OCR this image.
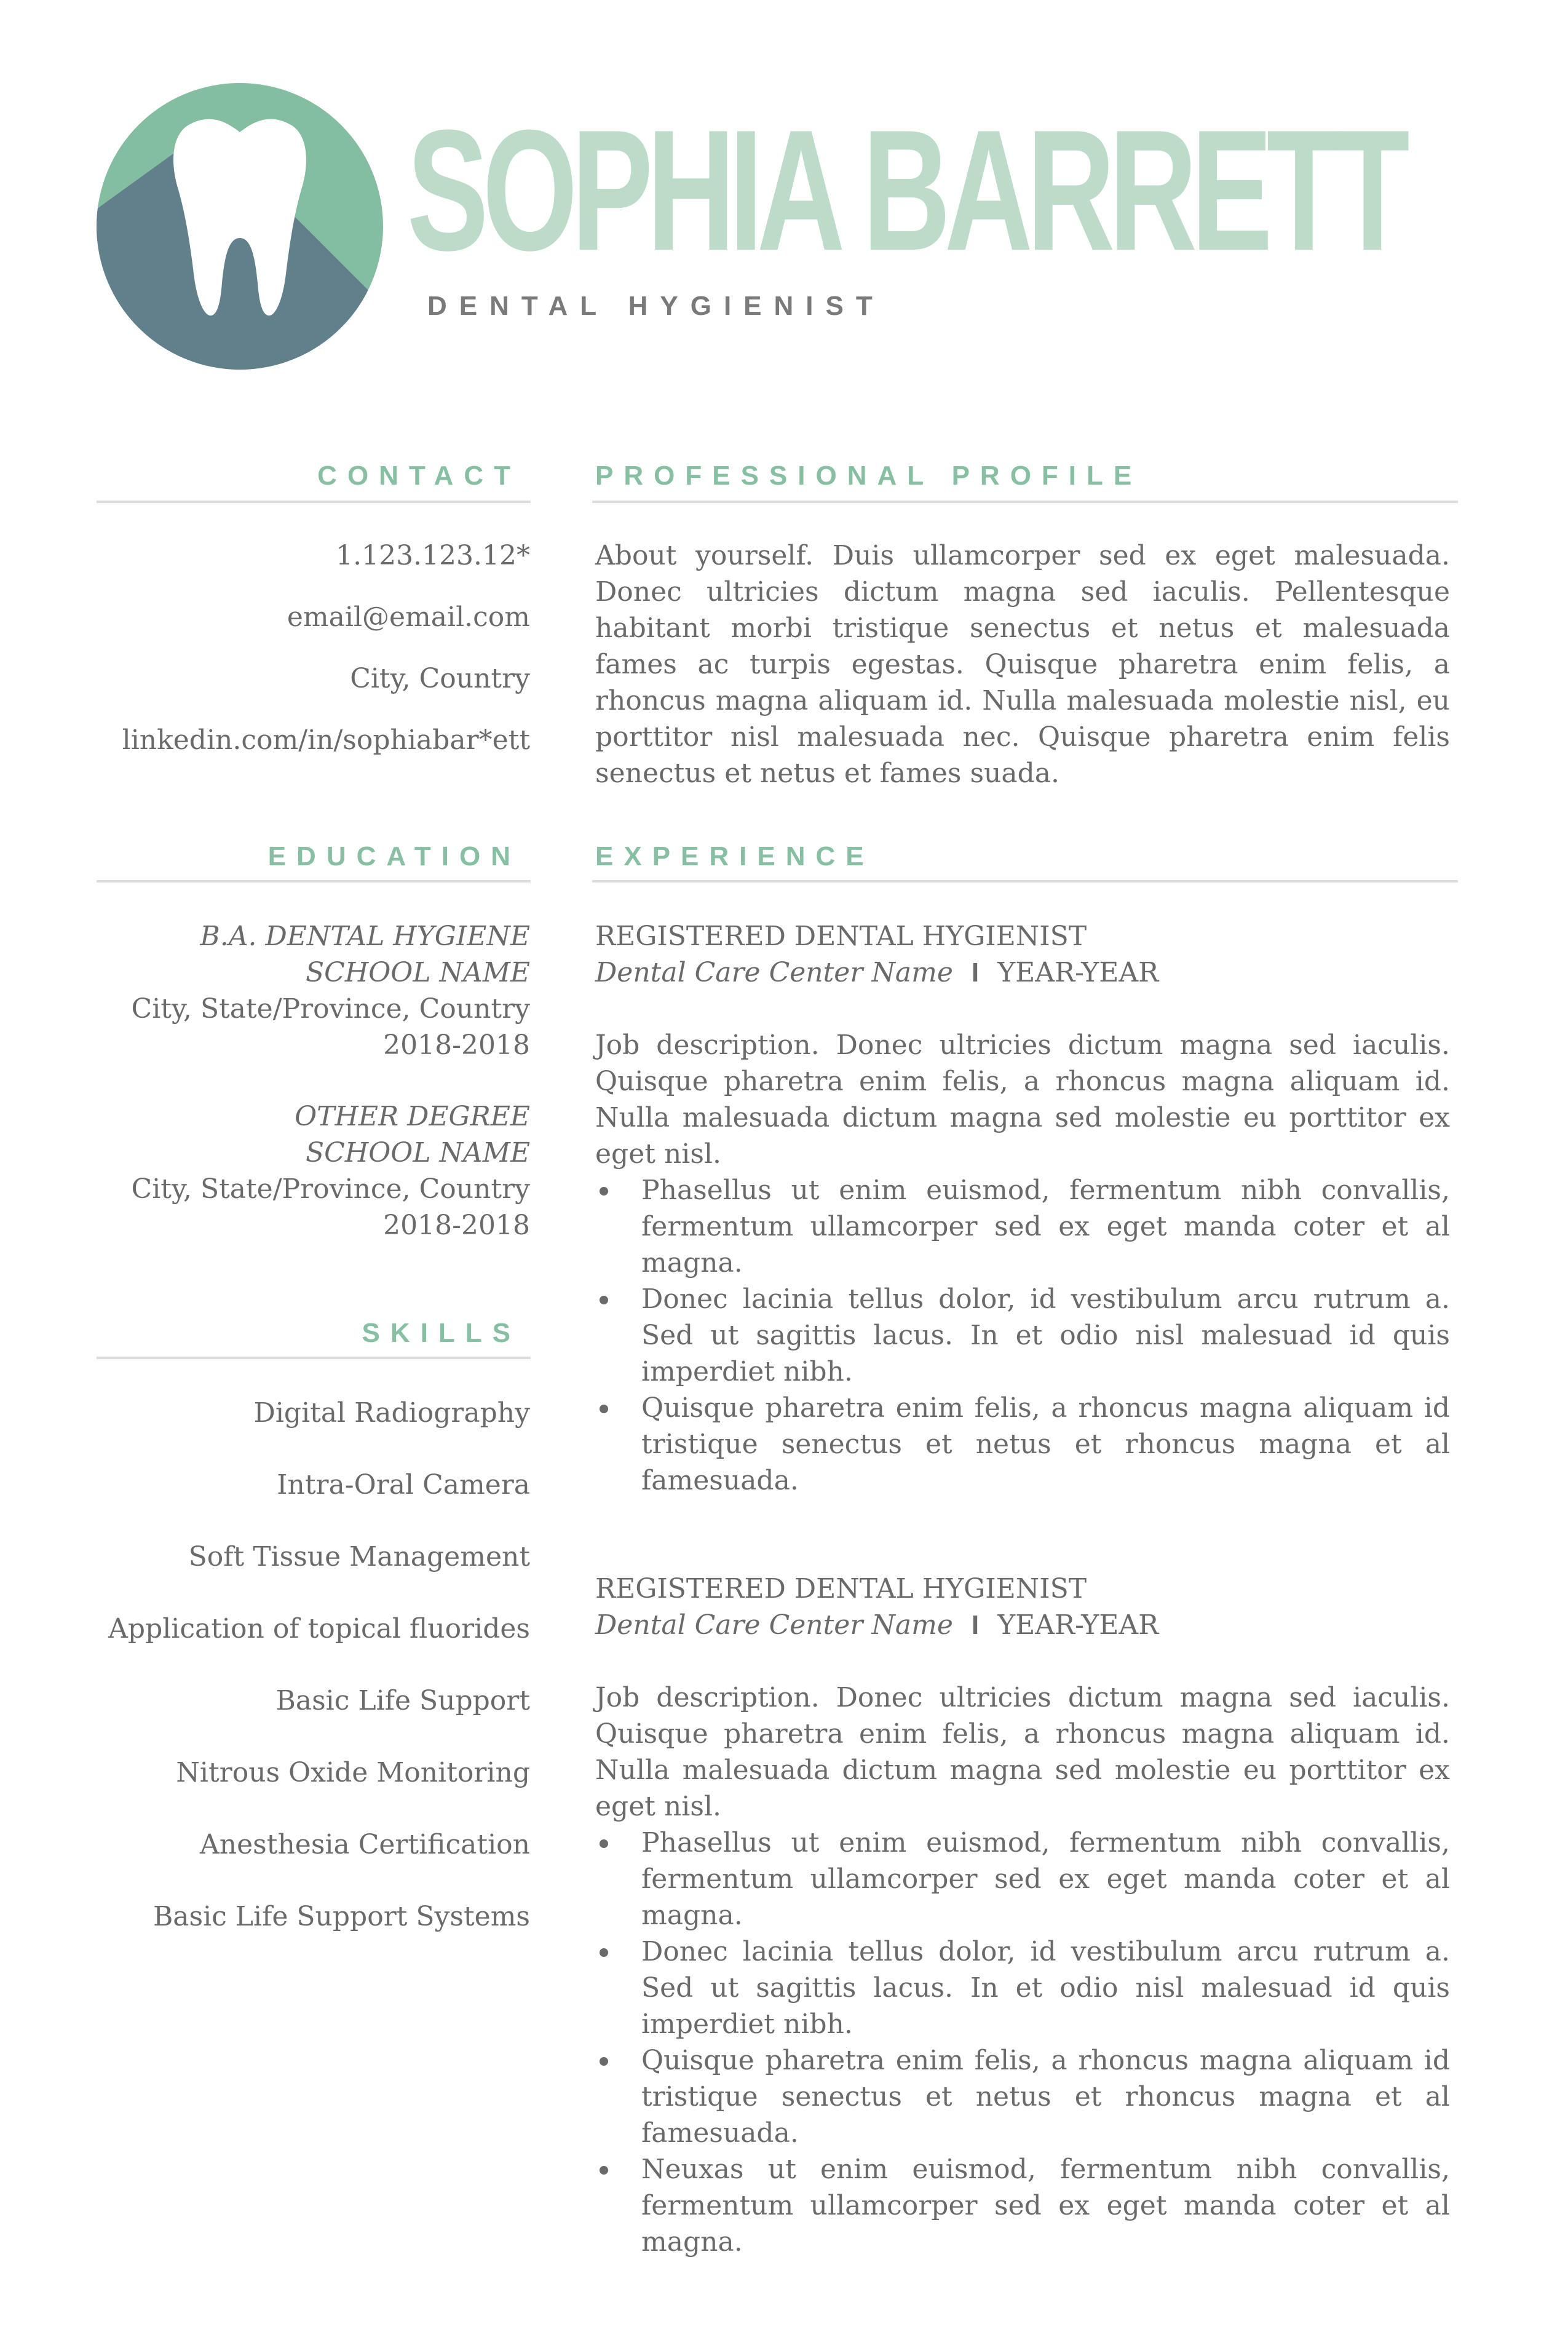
SOPHIA BARRETT
DENTAL HYGIENIST
CONTACT
1.123.123.12*
email@email.com
City, Country
linkedin.com/in/sophiabar*ett
EDUCATION
B.A. DENTAL HYGIENE
SCHOOL NAME
City, State/Province, Country
2018-2018
OTHER DEGREE
SCHOOL NAME
City, State/Province, Country
2018-2018
SKILLS
Digital Radiography
Intra-Oral Camera
Soft Tissue Management
Application of topical fluorides
Basic Life Support
Nitrous Oxide Monitoring
Anesthesia Certification
Basic Life Support Systems
PROFESSIONAL PROFILE

About yourself. Duis ullamcorper sed ex eget malesuada. Donec ultricies dictum magna sed iaculis. Pellentesque habitant morbi tristique senectus et netus et malesuada fames ac turpis egestas. Quisque pharetra enim felis, a rhoncus magna aliquam id. Nulla malesuada molestie nisl, eu porttitor nisl malesuada nec. Quisque pharetra enim felis senectus et netus et fames suada.

EXPERIENCE

REGISTERED DENTAL HYGIENIST

Dental Care Center Name I YEAR-YEAR

Job description. Donec ultricies dictum magna sed iaculis. Quisque pharetra enim felis, a rhoncus magna aliquam id. Nulla malesuada dictum magna sed molestie eu porttitor ex eget nisl.

Phasellus ut enim euismod, fermentum nibh convallis, fermentum ullamcorper sed ex eget manda coter et al magna.
Donec lacinia tellus dolor, id vestibulum arcu rutrum a. Sed ut sagittis lacus. In et odio nisl malesuad id quis imperdiet nibh.
Quisque pharetra enim felis, a rhoncus magna aliquam id tristique senectus et netus et rhoncus magna et al famesuada.

REGISTERED DENTAL HYGIENIST

Dental Care Center Name I YEAR-YEAR

Job description. Donec ultricies dictum magna sed iaculis. Quisque pharetra enim felis, a rhoncus magna aliquam id. Nulla malesuada dictum magna sed molestie eu porttitor ex eget nisl.

Phasellus ut enim euismod, fermentum nibh convallis, fermentum ullamcorper sed ex eget manda coter et al magna.
Donec lacinia tellus dolor, id vestibulum arcu rutrum a. Sed ut sagittis lacus. In et odio nisl malesuad id quis imperdiet nibh.
Quisque pharetra enim felis, a rhoncus magna aliquam id tristique senectus et netus et rhoncus magna et al famesuada.
Neuxas ut enim euismod, fermentum nibh convallis, fermentum ullamcorper sed ex eget manda coter et al magna.
